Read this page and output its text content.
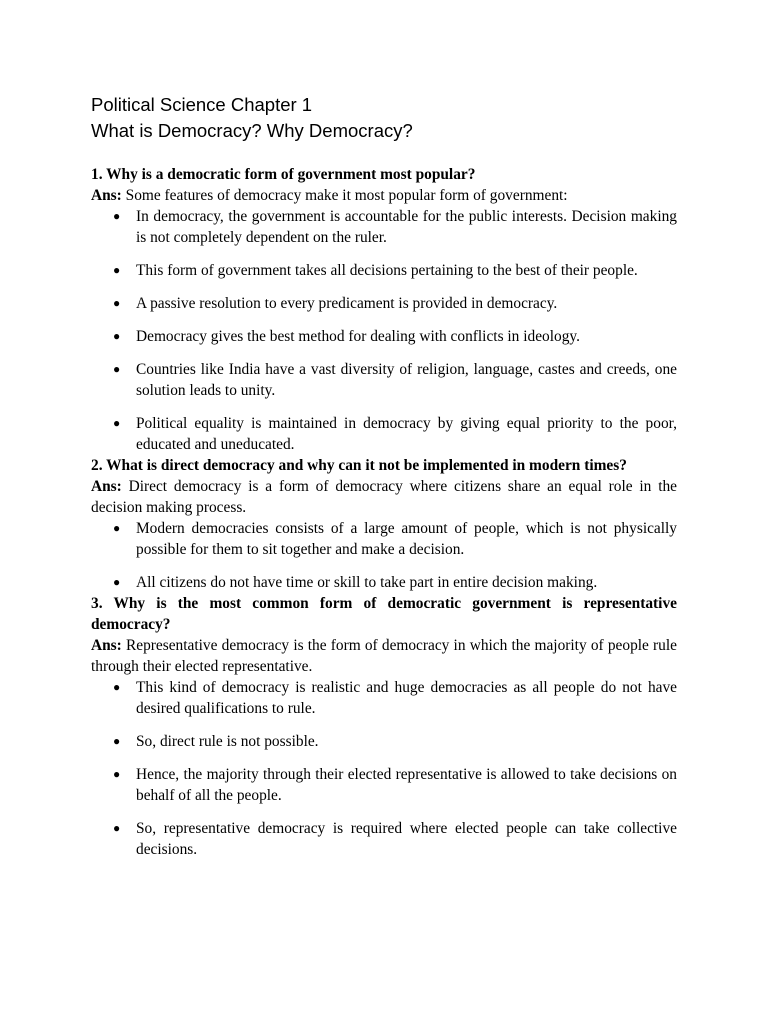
Political Science Chapter 1
What is Democracy? Why Democracy?

1. Why is a democratic form of government most popular?

Ans: Some features of democracy make it most popular form of government:

● In democracy, the government is accountable for the public interests. Decision making is not completely dependent on the ruler.
● This form of government takes all decisions pertaining to the best of their people.
● A passive resolution to every predicament is provided in democracy.
● Democracy gives the best method for dealing with conflicts in ideology.
● Countries like India have a vast diversity of religion, language, castes and creeds, one solution leads to unity.
● Political equality is maintained in democracy by giving equal priority to the poor, educated and uneducated.

2. What is direct democracy and why can it not be implemented in modern times?

Ans: Direct democracy is a form of democracy where citizens share an equal role in the decision making process.

● Modern democracies consists of a large amount of people, which is not physically possible for them to sit together and make a decision.
● All citizens do not have time or skill to take part in entire decision making.

3. Why is the most common form of democratic government is representative democracy?

Ans: Representative democracy is the form of democracy in which the majority of people rule through their elected representative.

● This kind of democracy is realistic and huge democracies as all people do not have desired qualifications to rule.
● So, direct rule is not possible.
● Hence, the majority through their elected representative is allowed to take decisions on behalf of all the people.
● So, representative democracy is required where elected people can take collective decisions.
